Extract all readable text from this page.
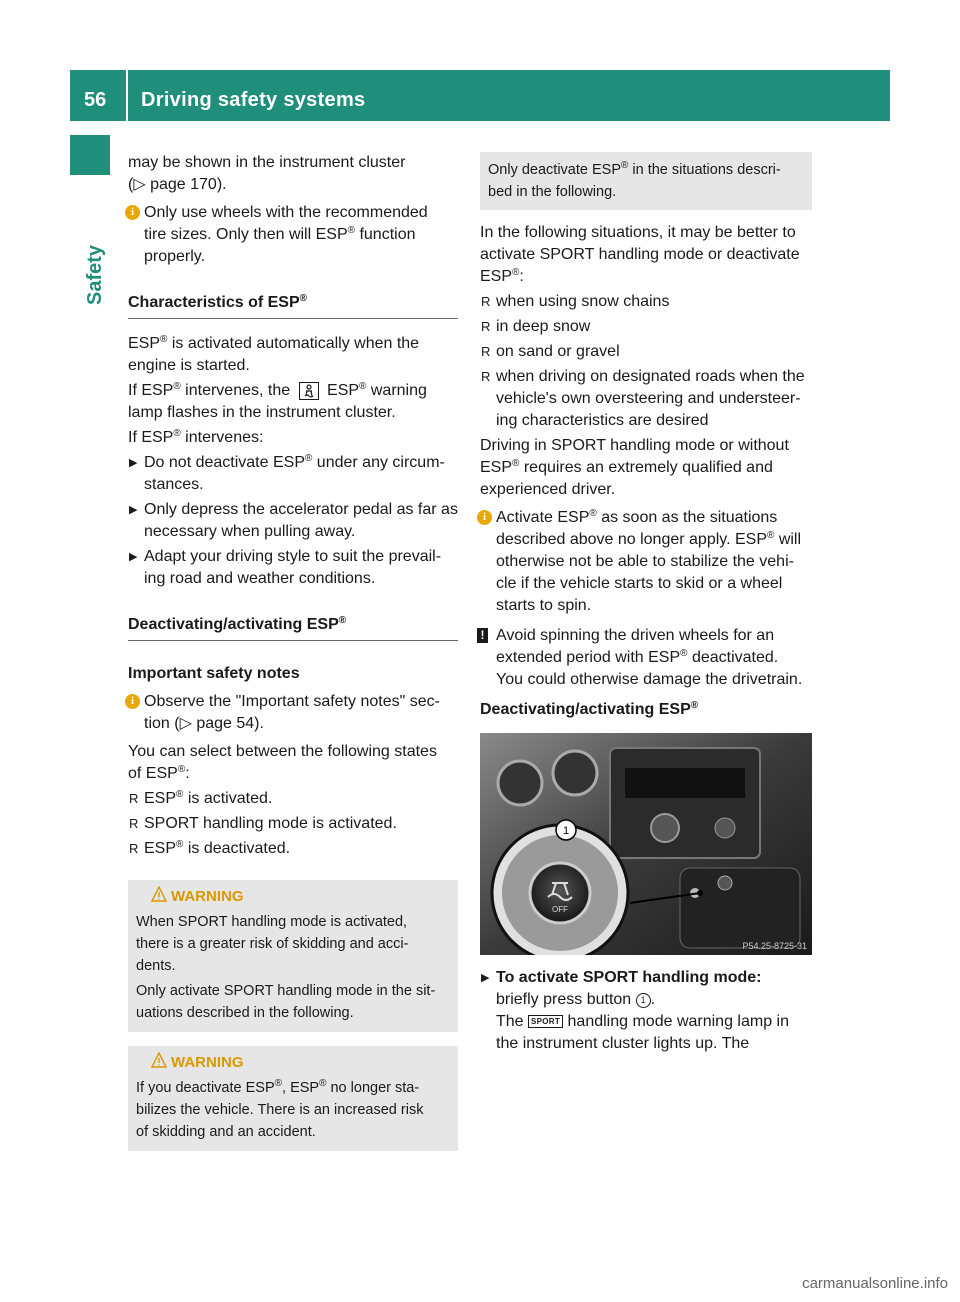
56 Driving safety systems
Safety

may be shown in the instrument cluster
(▷ page 170).

i Only use wheels with the recommended
tire sizes. Only then will ESP® function
properly.
Characteristics of ESP®

ESP® is activated automatically when the
engine is started.

If ESP® intervenes, the  ESP® warning
lamp flashes in the instrument cluster.

If ESP® intervenes:

▶ Do not deactivate ESP® under any circum-
stances.
▶ Only depress the accelerator pedal as far as
necessary when pulling away.
▶ Adapt your driving style to suit the prevail-
ing road and weather conditions.
Deactivating/activating ESP®
Important safety notes
i Observe the "Important safety notes" sec-
tion (▷ page 54).

You can select between the following states
of ESP®:

R ESP® is activated.
R SPORT handling mode is activated.
R ESP® is deactivated.
WARNING
When SPORT handling mode is activated,
there is a greater risk of skidding and acci-
dents.
Only activate SPORT handling mode in the sit-
uations described in the following.
WARNING
If you deactivate ESP®, ESP® no longer sta-
bilizes the vehicle. There is an increased risk
of skidding and an accident.
Only deactivate ESP® in the situations descri-
bed in the following.

In the following situations, it may be better to
activate SPORT handling mode or deactivate
ESP®:

R when using snow chains
R in deep snow
R on sand or gravel
R when driving on designated roads when the
vehicle's own oversteering and understeer-
ing characteristics are desired

Driving in SPORT handling mode or without
ESP® requires an extremely qualified and
experienced driver.

i Activate ESP® as soon as the situations
described above no longer apply. ESP® will
otherwise not be able to stabilize the vehi-
cle if the vehicle starts to skid or a wheel
starts to spin.
! Avoid spinning the driven wheels for an
extended period with ESP® deactivated.
You could otherwise damage the drivetrain.
Deactivating/activating ESP®
OFF
1
P54.25-8725-31
▶ To activate SPORT handling mode:
briefly press button 1 .
The SPORT handling mode warning lamp in
the instrument cluster lights up. The
carmanualsonline.info
